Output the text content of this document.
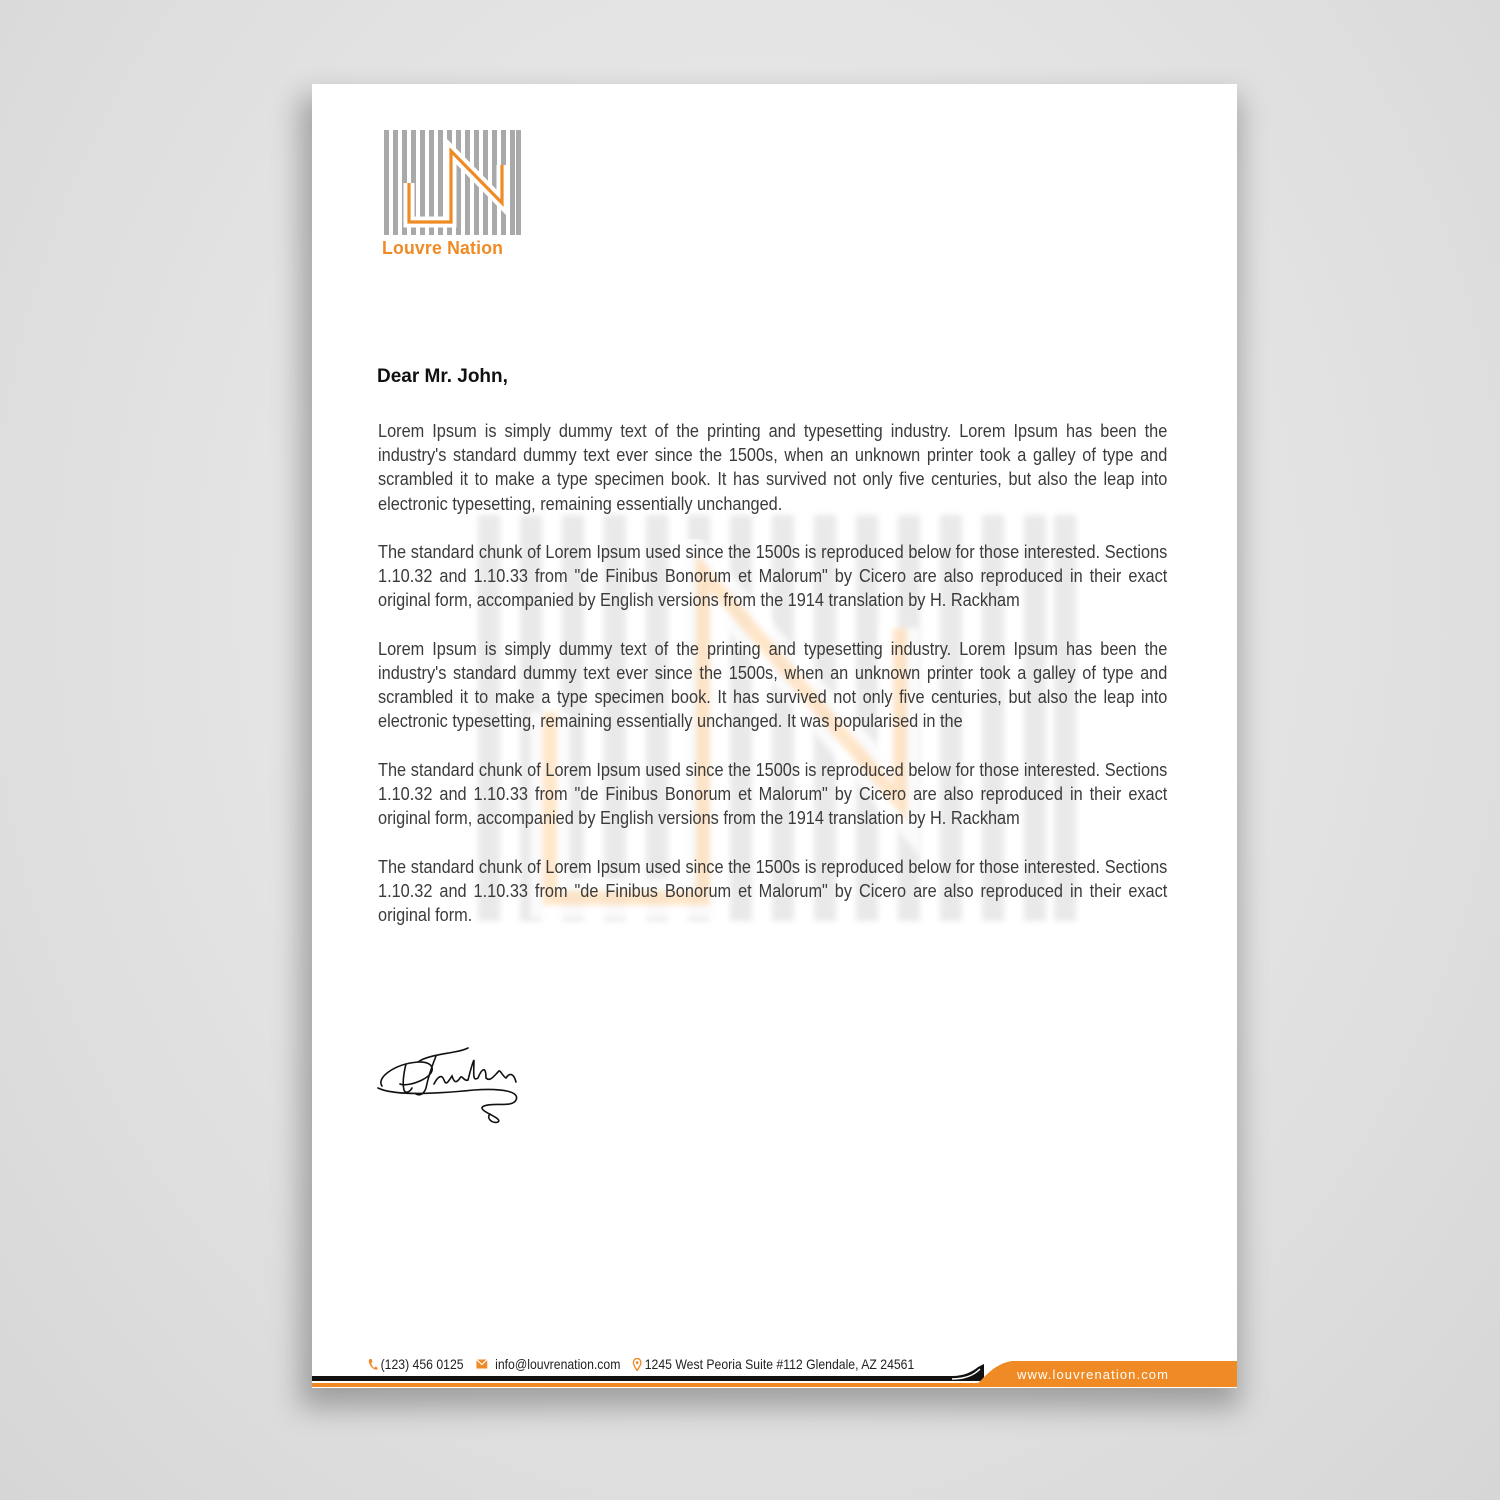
Louvre Nation
Dear Mr. John,

Lorem Ipsum is simply dummy text of the printing and typesetting industry. Lorem Ipsum has been the industry's standard dummy text ever since the 1500s, when an unknown printer took a galley of type and scrambled it to make a type specimen book. It has survived not only five centuries, but also the leap into electronic typesetting, remaining essentially unchanged.

The standard chunk of Lorem Ipsum used since the 1500s is reproduced below for those interested. Sections 1.10.32 and 1.10.33 from "de Finibus Bonorum et Malorum" by Cicero are also reproduced in their exact original form, accompanied by English versions from the 1914 translation by H. Rackham

Lorem Ipsum is simply dummy text of the printing and typesetting industry. Lorem Ipsum has been the industry's standard dummy text ever since the 1500s, when an unknown printer took a galley of type and scrambled it to make a type specimen book. It has survived not only five centuries, but also the leap into electronic typesetting, remaining essentially unchanged. It was popularised in the

The standard chunk of Lorem Ipsum used since the 1500s is reproduced below for those interested. Sections 1.10.32 and 1.10.33 from "de Finibus Bonorum et Malorum" by Cicero are also reproduced in their exact original form, accompanied by English versions from the 1914 translation by H. Rackham

The standard chunk of Lorem Ipsum used since the 1500s is reproduced below for those interested. Sections 1.10.32 and 1.10.33 from "de Finibus Bonorum et Malorum" by Cicero are also reproduced in their exact original form.

(123) 456 0125 info@louvrenation.com 1245 West Peoria Suite #112 Glendale, AZ 24561
www.louvrenation.com
